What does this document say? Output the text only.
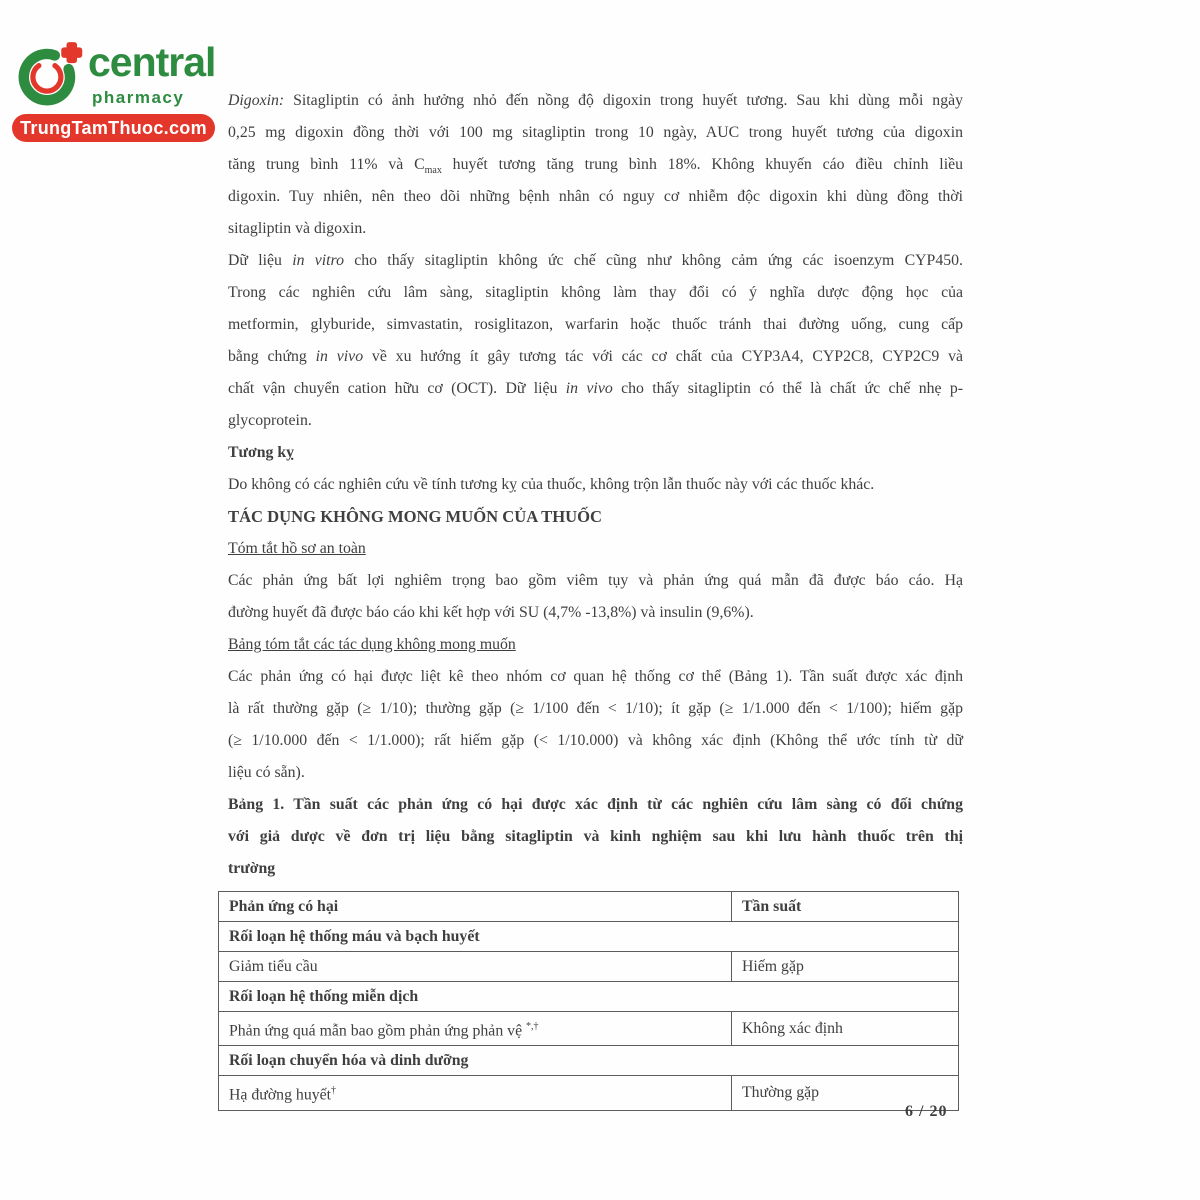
central
pharmacy
TrungTamThuoc.com
Digoxin: Sitagliptin có ảnh hưởng nhỏ đến nồng độ digoxin trong huyết tương. Sau khi dùng mỗi ngày
0,25 mg digoxin đồng thời với 100 mg sitagliptin trong 10 ngày, AUC trong huyết tương của digoxin
tăng trung bình 11% và $C_{max}$ huyết tương tăng trung bình 18%. Không khuyến cáo điều chỉnh liều
digoxin. Tuy nhiên, nên theo dõi những bệnh nhân có nguy cơ nhiễm độc digoxin khi dùng đồng thời
sitagliptin và digoxin.
Dữ liệu in vitro cho thấy sitagliptin không ức chế cũng như không cảm ứng các isoenzym CYP450.
Trong các nghiên cứu lâm sàng, sitagliptin không làm thay đổi có ý nghĩa dược động học của
metformin, glyburide, simvastatin, rosiglitazon, warfarin hoặc thuốc tránh thai đường uống, cung cấp
bằng chứng in vivo về xu hướng ít gây tương tác với các cơ chất của CYP3A4, CYP2C8, CYP2C9 và
chất vận chuyển cation hữu cơ (OCT). Dữ liệu in vivo cho thấy sitagliptin có thể là chất ức chế nhẹ p-
glycoprotein.
Tương kỵ
Do không có các nghiên cứu về tính tương kỵ của thuốc, không trộn lẫn thuốc này với các thuốc khác.
TÁC DỤNG KHÔNG MONG MUỐN CỦA THUỐC
Tóm tắt hồ sơ an toàn
Các phản ứng bất lợi nghiêm trọng bao gồm viêm tụy và phản ứng quá mẫn đã được báo cáo. Hạ
đường huyết đã được báo cáo khi kết hợp với SU (4,7% -13,8%) và insulin (9,6%).
Bảng tóm tắt các tác dụng không mong muốn
Các phản ứng có hại được liệt kê theo nhóm cơ quan hệ thống cơ thể (Bảng 1). Tần suất được xác định
là rất thường gặp (≥ 1/10); thường gặp (≥ 1/100 đến < 1/10); ít gặp (≥ 1/1.000 đến < 1/100); hiếm gặp
(≥ 1/10.000 đến < 1/1.000); rất hiếm gặp (< 1/10.000) và không xác định (Không thể ước tính từ dữ
liệu có sẵn).
Bảng 1. Tần suất các phản ứng có hại được xác định từ các nghiên cứu lâm sàng có đối chứng
với giả dược về đơn trị liệu bằng sitagliptin và kinh nghiệm sau khi lưu hành thuốc trên thị
trường
Phản ứng có hại	Tần suất
Rối loạn hệ thống máu và bạch huyết	
Giảm tiểu cầu	Hiếm gặp
Rối loạn hệ thống miễn dịch	
Phản ứng quá mẫn bao gồm phản ứng phản vệ *,†	Không xác định
Rối loạn chuyển hóa và dinh dưỡng	
Hạ đường huyết†	Thường gặp
6 / 20
